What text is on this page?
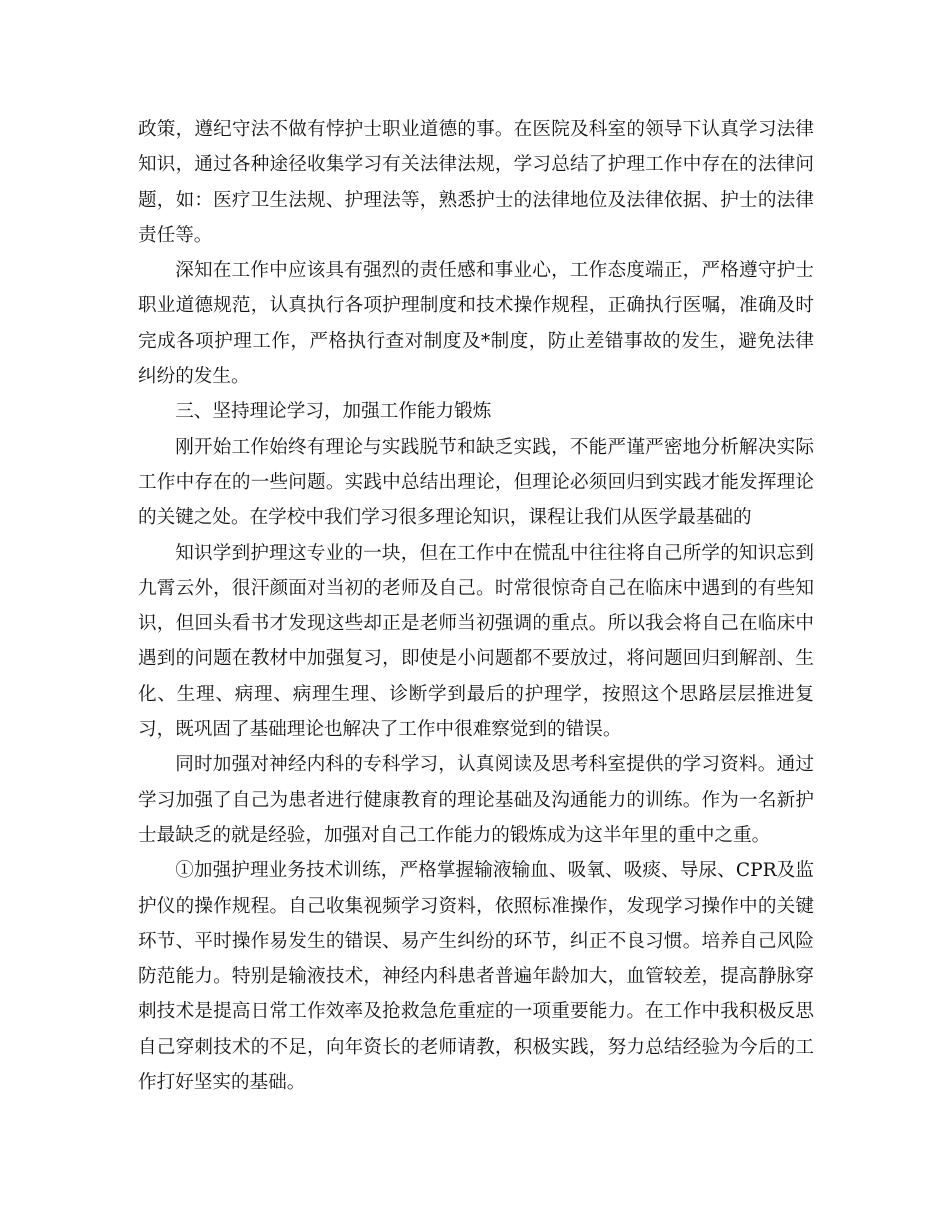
政策，遵纪守法不做有悖护士职业道德的事。在医院及科室的领导下认真学习法律知识，通过各种途径收集学习有关法律法规，学习总结了护理工作中存在的法律问题，如：医疗卫生法规、护理法等，熟悉护士的法律地位及法律依据、护士的法律责任等。

深知在工作中应该具有强烈的责任感和事业心，工作态度端正，严格遵守护士职业道德规范，认真执行各项护理制度和技术操作规程，正确执行医嘱，准确及时完成各项护理工作，严格执行查对制度及*制度，防止差错事故的发生，避免法律纠纷的发生。

三、坚持理论学习，加强工作能力锻炼

刚开始工作始终有理论与实践脱节和缺乏实践，不能严谨严密地分析解决实际工作中存在的一些问题。实践中总结出理论，但理论必须回归到实践才能发挥理论的关键之处。在学校中我们学习很多理论知识，课程让我们从医学最基础的

知识学到护理这专业的一块，但在工作中在慌乱中往往将自己所学的知识忘到九霄云外，很汗颜面对当初的老师及自己。时常很惊奇自己在临床中遇到的有些知识，但回头看书才发现这些却正是老师当初强调的重点。所以我会将自己在临床中遇到的问题在教材中加强复习，即使是小问题都不要放过，将问题回归到解剖、生化、生理、病理、病理生理、诊断学到最后的护理学，按照这个思路层层推进复习，既巩固了基础理论也解决了工作中很难察觉到的错误。

同时加强对神经内科的专科学习，认真阅读及思考科室提供的学习资料。通过学习加强了自己为患者进行健康教育的理论基础及沟通能力的训练。作为一名新护士最缺乏的就是经验，加强对自己工作能力的锻炼成为这半年里的重中之重。

①加强护理业务技术训练，严格掌握输液输血、吸氧、吸痰、导尿、CPR及监护仪的操作规程。自己收集视频学习资料，依照标准操作，发现学习操作中的关键环节、平时操作易发生的错误、易产生纠纷的环节，纠正不良习惯。培养自己风险防范能力。特别是输液技术，神经内科患者普遍年龄加大，血管较差，提高静脉穿刺技术是提高日常工作效率及抢救急危重症的一项重要能力。在工作中我积极反思自己穿刺技术的不足，向年资长的老师请教，积极实践，努力总结经验为今后的工作打好坚实的基础。
